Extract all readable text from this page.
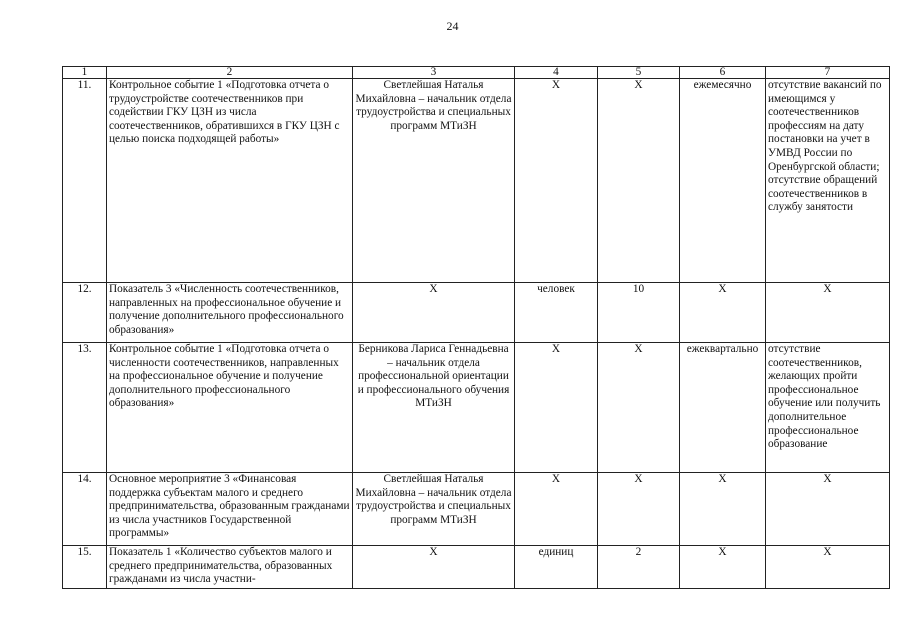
24
1	2	3	4	5	6	7
11.	Контрольное событие 1 «Подготовка отчета о трудоустройстве соотечественников при содействии ГКУ ЦЗН из числа соотечественников, обратившихся в ГКУ ЦЗН с целью поиска подходящей работы»	Светлейшая Наталья Михайловна – начальник отдела трудоустройства и специальных программ МТиЗН	Х	Х	ежемесячно	отсутствие вакансий по имеющимся у соотечественников профессиям на дату постановки на учет в УМВД России по Оренбургской области; отсутствие обращений соотечественников в службу занятости
12.	Показатель 3 «Численность соотечественников, направленных на профессиональное обучение и получение дополнительного профессионального образования»	Х	человек	10	Х	Х
13.	Контрольное событие 1 «Подготовка отчета о численности соотечественников, направленных на профессиональное обучение и получение дополнительного профессионального образования»	Берникова Лариса Геннадьевна – начальник отдела профессиональной ориентации и профессионального обучения МТиЗН	Х	Х	ежеквартально	отсутствие соотечественников, желающих пройти профессиональное обучение или получить дополнительное профессиональное образование
14.	Основное мероприятие 3 «Финансовая поддержка субъектам малого и среднего предпринимательства, образованным гражданами из числа участников Государственной программы»	Светлейшая Наталья Михайловна – начальник отдела трудоустройства и специальных программ МТиЗН	Х	Х	Х	Х
15.	Показатель 1 «Количество субъектов малого и среднего предпринимательства, образованных гражданами из числа участни-	Х	единиц	2	Х	Х
